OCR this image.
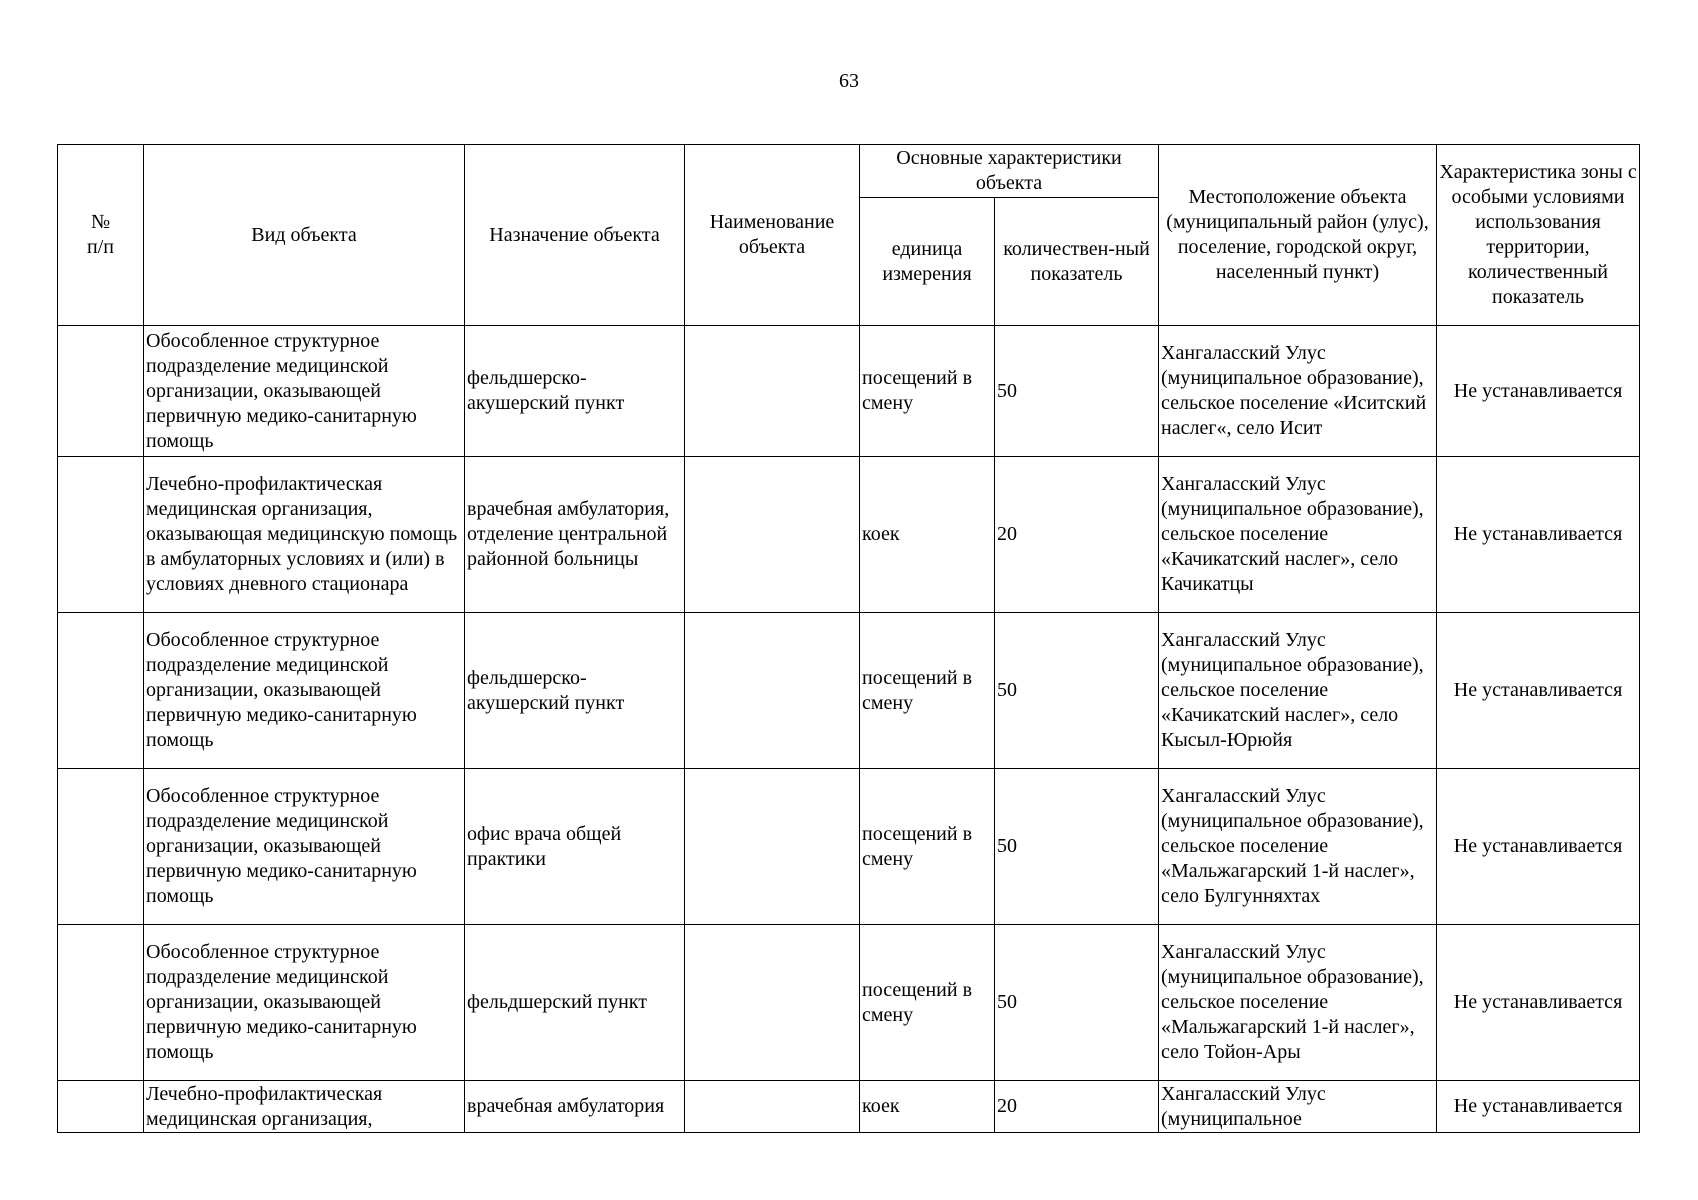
63
№
п/п	Вид объекта	Назначение объекта	Наименование объекта	Основные характеристики объекта		Местоположение объекта (муниципальный район (улус), поселение, городской округ, населенный пункт)	Характеристика зоны с особыми условиями использования территории, количественный показатель
				единица измерения	количествен-ный показатель		
	Обособленное структурное подразделение медицинской организации, оказывающей первичную медико-санитарную помощь	фельдшерско-акушерский пункт		посещений в смену	50	Хангаласский Улус (муниципальное образование), сельское поселение «Иситский наслег«, село Исит	Не устанавливается
	Лечебно-профилактическая медицинская организация, оказывающая медицинскую помощь в амбулаторных условиях и (или) в условиях дневного стационара	врачебная амбулатория, отделение центральной районной больницы		коек	20	Хангаласский Улус (муниципальное образование), сельское поселение «Качикатский наслег», село Качикатцы	Не устанавливается
	Обособленное структурное подразделение медицинской организации, оказывающей первичную медико-санитарную помощь	фельдшерско-акушерский пункт		посещений в смену	50	Хангаласский Улус (муниципальное образование), сельское поселение «Качикатский наслег», село Кысыл-Юрюйя	Не устанавливается
	Обособленное структурное подразделение медицинской организации, оказывающей первичную медико-санитарную помощь	офис врача общей практики		посещений в смену	50	Хангаласский Улус (муниципальное образование), сельское поселение «Мальжагарский 1-й наслег», село Булгунняхтах	Не устанавливается
	Обособленное структурное подразделение медицинской организации, оказывающей первичную медико-санитарную помощь	фельдшерский пункт		посещений в смену	50	Хангаласский Улус (муниципальное образование), сельское поселение «Мальжагарский 1-й наслег», село Тойон-Ары	Не устанавливается
	Лечебно-профилактическая медицинская организация,	врачебная амбулатория		коек	20	Хангаласский Улус (муниципальное	Не устанавливается
